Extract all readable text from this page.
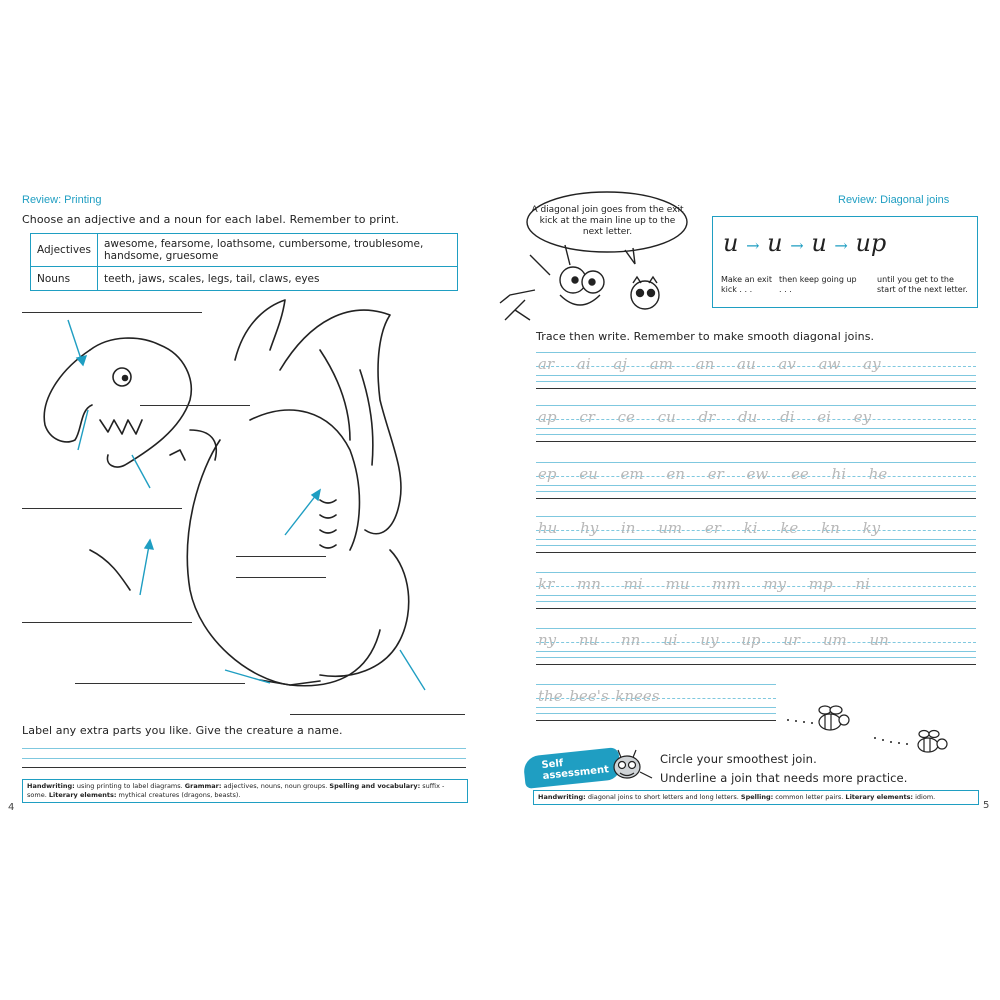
Review: Printing
Choose an adjective and a noun for each label. Remember to print.
Adjectives	awesome, fearsome, loathsome, cumbersome, troublesome, handsome, gruesome
Nouns	teeth, jaws, scales, legs, tail, claws, eyes
Label any extra parts you like. Give the creature a name.
Handwriting: using printing to label diagrams. Grammar: adjectives, nouns, noun groups. Spelling and vocabulary: suffix -some. Literary elements: mythical creatures (dragons, beasts).
4
Review: Diagonal joins
A diagonal join goes from the exit kick at the main line up to the next letter.	u → u → u → up
Make an exit kick . . .
then keep going up . . .
until you get to the start of the next letter.
Trace then write. Remember to make smooth diagonal joins.
ar ai aj am an au av aw ay
ap cr ce cu dr du di ei ey
ep eu em en er ew ee hi he
hu hy in um er ki ke kn ky
kr mn mi mu mm my mp ni
ny nu nn ui uy up ur um un
the bee's knees
Self assessment
Circle your smoothest join.
Underline a join that needs more practice.
Handwriting: diagonal joins to short letters and long letters. Spelling: common letter pairs. Literary elements: idiom.
5
